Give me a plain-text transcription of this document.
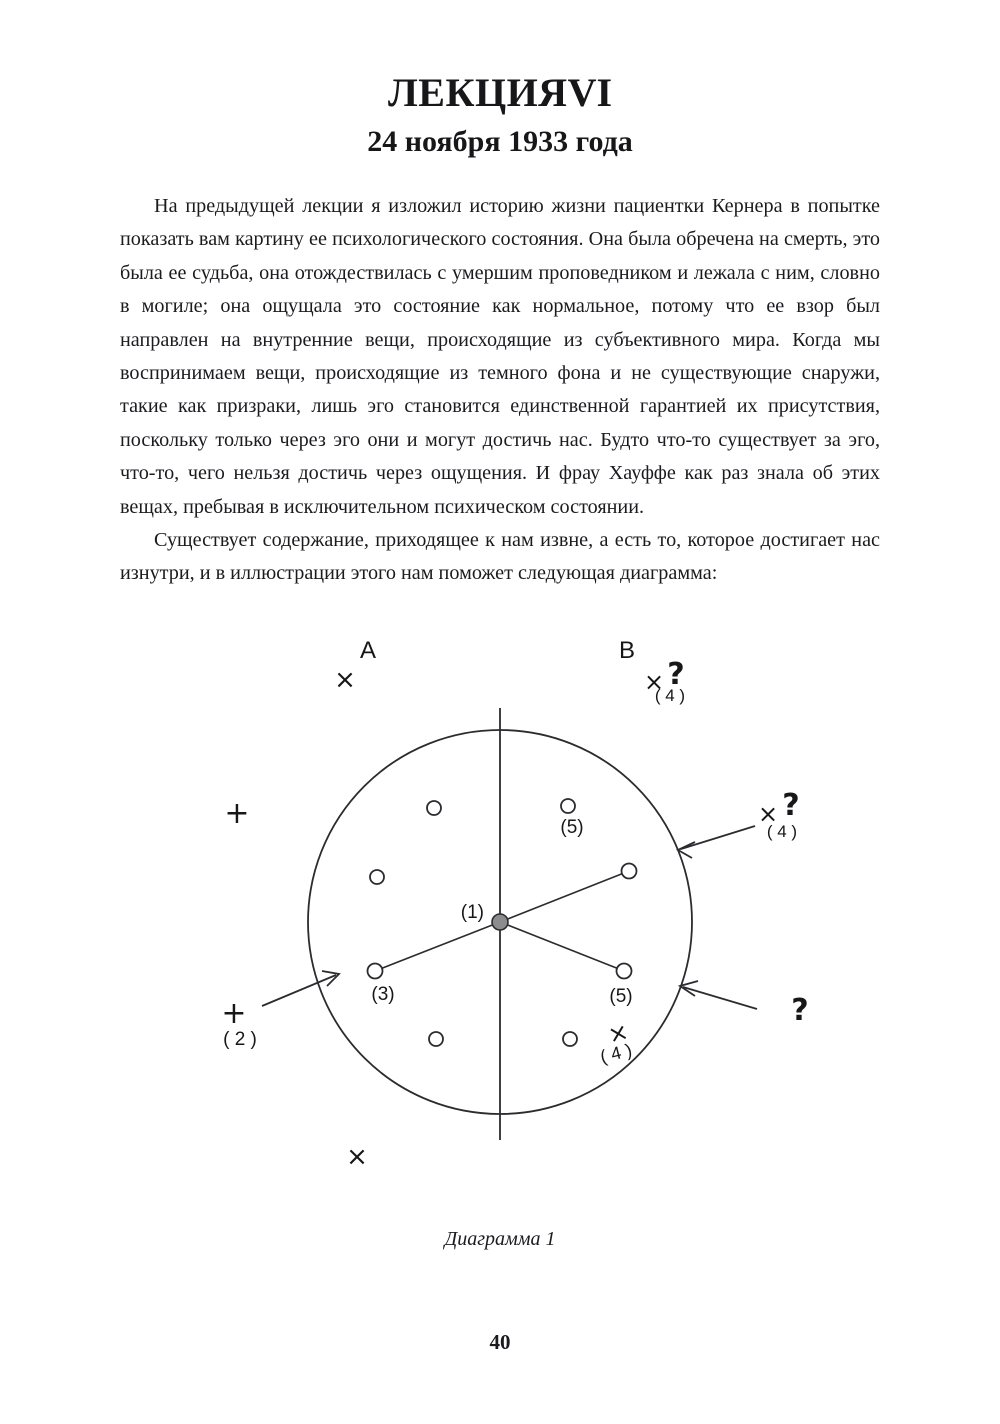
ЛЕКЦИЯVI
24 ноября 1933 года

На предыдущей лекции я изложил историю жизни пациентки Кернера в попытке показать вам картину ее психологического состояния. Она была обречена на смерть, это была ее судьба, она отождествилась с умершим проповедником и лежала с ним, словно в могиле; она ощущала это состояние как нормальное, потому что ее взор был направлен на внутренние вещи, происходящие из субъективного мира. Когда мы воспринимаем вещи, происходящие из темного фона и не существующие снаружи, такие как призраки, лишь эго становится единственной гарантией их присутствия, поскольку только через эго они и могут достичь нас. Будто что-то существует за эго, что-то, чего нельзя достичь через ощущения. И фрау Хауффе как раз знала об этих вещах, пребывая в исключительном психическом состоянии.

Существует содержание, приходящее к нам извне, а есть то, которое достигает нас изнутри, и в иллюстрации этого нам поможет следующая диаграмма:

A	B
(1)
(3)	(5)
(5)
×	× ?
( 4 )
+
+
( 2 )
× ?
( 4 )
×
( 4 )
?
×
Диаграмма 1
40
